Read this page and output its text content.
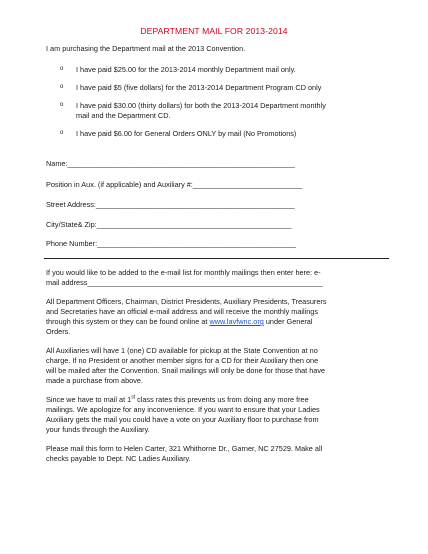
DEPARTMENT MAIL FOR 2013-2014
I am purchasing the Department mail at the 2013 Convention.
o I have paid $25.00 for the 2013-2014 monthly Department mail only.
o I have paid $5 (five dollars) for the 2013-2014 Department Program CD only
o I have paid $30.00 (thirty dollars) for both the 2013-2014 Department monthly
mail and the Department CD.
o I have paid $6.00 for General Orders ONLY by mail (No Promotions)
Name:________________________________________________________
Position in Aux. (if applicable) and Auxiliary #:___________________________
Street Address:_________________________________________________
City/State& Zip:________________________________________________
Phone Number:_________________________________________________
If you would like to be added to the e-mail list for monthly mailings then enter here: e-
mail address__________________________________________________________
All Department Officers, Chairman, District Presidents, Auxiliary Presidents, Treasurers
and Secretaries have an official e-mail address and will receive the monthly mailings
through this system or they can be found online at www.lavfwnc.org under General
Orders.
All Auxiliaries will have 1 (one) CD available for pickup at the State Convention at no
charge. If no President or another member signs for a CD for their Auxiliary then one
will be mailed after the Convention. Snail mailings will only be done for those that have
made a purchase from above.
Since we have to mail at 1st class rates this prevents us from doing any more free
mailings. We apologize for any inconvenience. If you want to ensure that your Ladies
Auxiliary gets the mail you could have a vote on your Auxiliary floor to purchase from
your funds through the Auxiliary.
Please mail this form to Helen Carter, 321 Whithorne Dr., Garner, NC 27529. Make all
checks payable to Dept. NC Ladies Auxiliary.
